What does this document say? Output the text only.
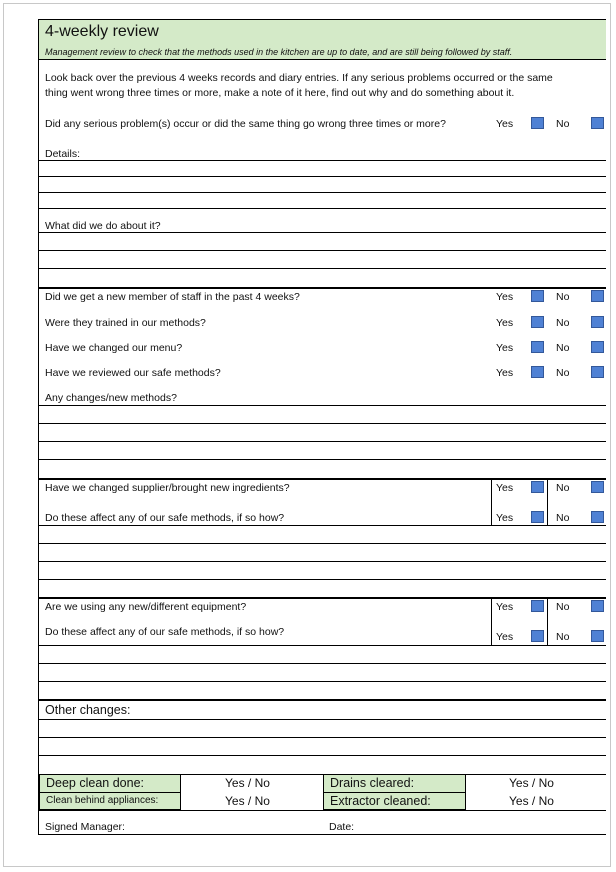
4-weekly review
Management review to check that the methods used in the kitchen are up to date, and are still being followed by staff.
Look back over the previous 4 weeks records and diary entries. If any serious problems occurred or the same
thing went wrong three times or more, make a note of it here, find out why and do something about it.
Did any serious problem(s) occur or did the same thing go wrong three times or more?	Yes	No
Details:
What did we do about it?
Did we get a new member of staff in the past 4 weeks?	Yes	No
Were they trained in our methods?	Yes	No
Have we changed our menu?	Yes	No
Have we reviewed our safe methods?	Yes	No
Any changes/new methods?
Have we changed supplier/brought new ingredients?	Yes	No
Do these affect any of our safe methods, if so how?	Yes	No
Are we using any new/different equipment?	Yes	No
Do these affect any of our safe methods, if so how?	Yes	No
Other changes:
Deep clean done:	Yes / No	Drains cleared:	Yes / No
Clean behind appliances:	Yes / No	Extractor cleaned:	Yes / No
Signed Manager:	Date:
